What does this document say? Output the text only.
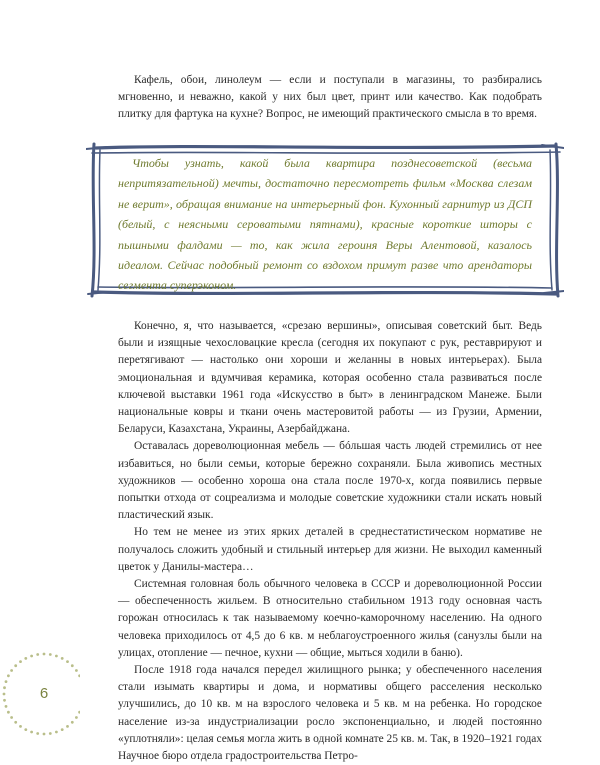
Кафель, обои, линолеум — если и поступали в магазины, то разбирались мгновенно, и неважно, какой у них был цвет, принт или качество. Как подобрать плитку для фартука на кухне? Вопрос, не имеющий практического смысла в то время.

Чтобы узнать, какой была квартира позднесоветской (весьма непритязательной) мечты, достаточно пересмотреть фильм «Москва слезам не верит», обращая внимание на интерьерный фон. Кухонный гарнитур из ДСП (белый, с неясными сероватыми пятнами), красные короткие шторы с пышными фалдами — то, как жила героиня Веры Алентовой, казалось идеалом. Сейчас подобный ремонт со вздохом примут разве что арендаторы сегмента суперэконом.

Конечно, я, что называется, «срезаю вершины», описывая советский быт. Ведь были и изящные чехословацкие кресла (сегодня их покупают с рук, реставрируют и перетягивают — настолько они хороши и желанны в новых интерьерах). Была эмоциональная и вдумчивая керамика, которая особенно стала развиваться после ключевой выставки 1961 года «Искусство в быт» в ленинградском Манеже. Были национальные ковры и ткани очень мастеровитой работы — из Грузии, Армении, Беларуси, Казахстана, Украины, Азербайджана.

Оставалась дореволюционная мебель — бóльшая часть людей стремились от нее избавиться, но были семьи, которые бережно сохраняли. Была живопись местных художников — особенно хороша она стала после 1970-х, когда появились первые попытки отхода от соцреализма и молодые советские художники стали искать новый пластический язык.

Но тем не менее из этих ярких деталей в среднестатистическом нормативе не получалось сложить удобный и стильный интерьер для жизни. Не выходил каменный цветок у Данилы-мастера…

Системная головная боль обычного человека в СССР и дореволюционной России — обеспеченность жильем. В относительно стабильном 1913 году основная часть горожан относилась к так называемому коечно-каморочному населению. На одного человека приходилось от 4,5 до 6 кв. м неблагоустроенного жилья (санузлы были на улицах, отопление — печное, кухни — общие, мыться ходили в баню).

После 1918 года начался передел жилищного рынка; у обеспеченного населения стали изымать квартиры и дома, и нормативы общего расселения несколько улучшились, до 10 кв. м на взрослого человека и 5 кв. м на ребенка. Но городское население из-за индустриализации росло экспоненциально, и людей постоянно «уплотняли»: целая семья могла жить в одной комнате 25 кв. м. Так, в 1920–1921 годах Научное бюро отдела градостроительства Петро-

6
